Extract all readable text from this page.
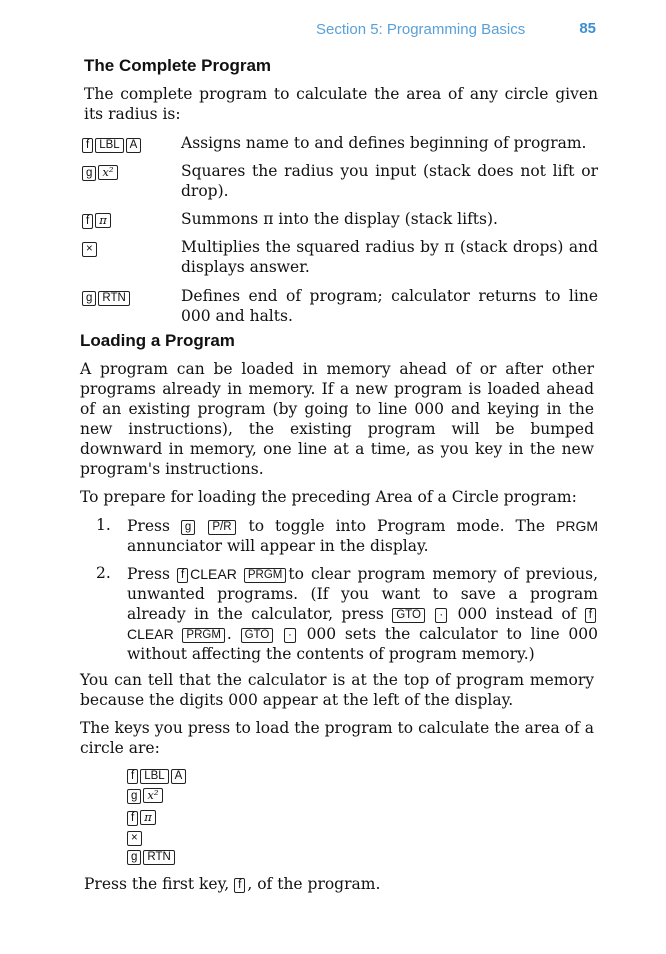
Section 5: Programming Basics	85
The Complete Program

The complete program to calculate the area of any circle given its radius is:

f LBL A	Assigns name to and defines beginning of program.

g x²	Squares the radius you input (stack does not lift or drop).

f π	Summons π into the display (stack lifts).

×	Multiplies the squared radius by π (stack drops) and displays answer.

g RTN	Defines end of program; calculator returns to line 000 and halts.

Loading a Program

A program can be loaded in memory ahead of or after other programs already in memory. If a new program is loaded ahead of an existing program (by going to line 000 and keying in the new instructions), the existing program will be bumped downward in memory, one line at a time, as you key in the new program's instructions.

To prepare for loading the preceding Area of a Circle program:

1. Press g P/R to toggle into Program mode. The PRGM annunciator will appear in the display.

2. Press f CLEAR PRGM to clear program memory of previous, unwanted programs. (If you want to save a program already in the calculator, press GTO · 000 instead of f CLEAR PRGM . GTO · 000 sets the calculator to line 000 without affecting the contents of program memory.)

You can tell that the calculator is at the top of program memory because the digits 000 appear at the left of the display.

The keys you press to load the program to calculate the area of a circle are:

f LBL A
g x²
f π
×
g RTN

Press the first key, f , of the program.
